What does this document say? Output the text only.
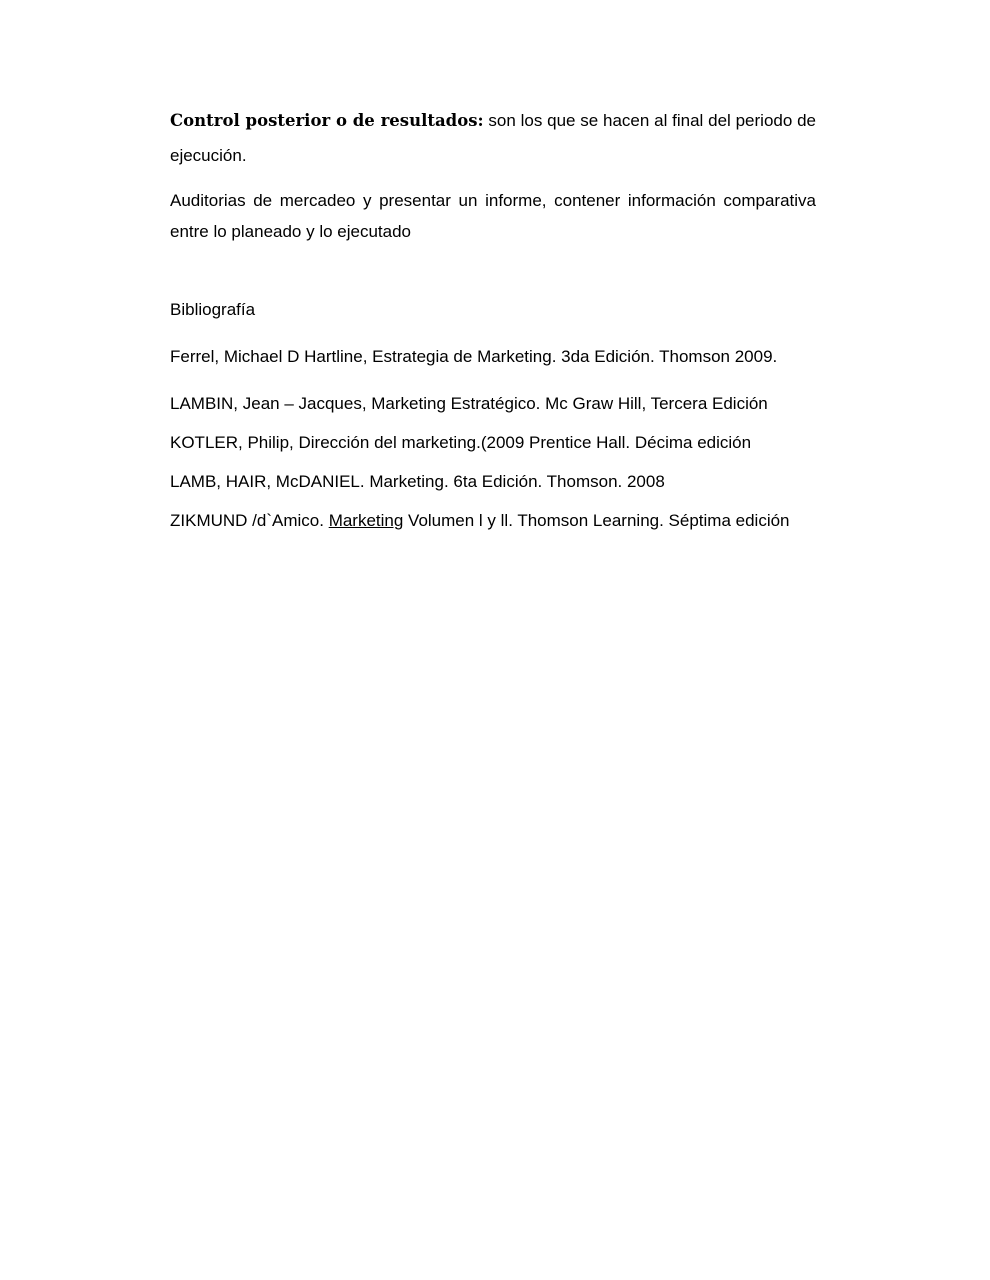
Control posterior o de resultados: son los que se hacen al final del periodo de ejecución.

Auditorias de mercadeo y presentar un informe, contener información comparativa entre lo planeado y lo ejecutado

Bibliografía

Ferrel, Michael D Hartline, Estrategia de Marketing. 3da Edición. Thomson 2009.

LAMBIN, Jean – Jacques, Marketing Estratégico. Mc Graw Hill, Tercera Edición

KOTLER, Philip, Dirección del marketing.(2009 Prentice Hall. Décima edición

LAMB, HAIR, McDANIEL. Marketing. 6ta Edición. Thomson. 2008

ZIKMUND /d`Amico. Marketing Volumen l y ll. Thomson Learning. Séptima edición
